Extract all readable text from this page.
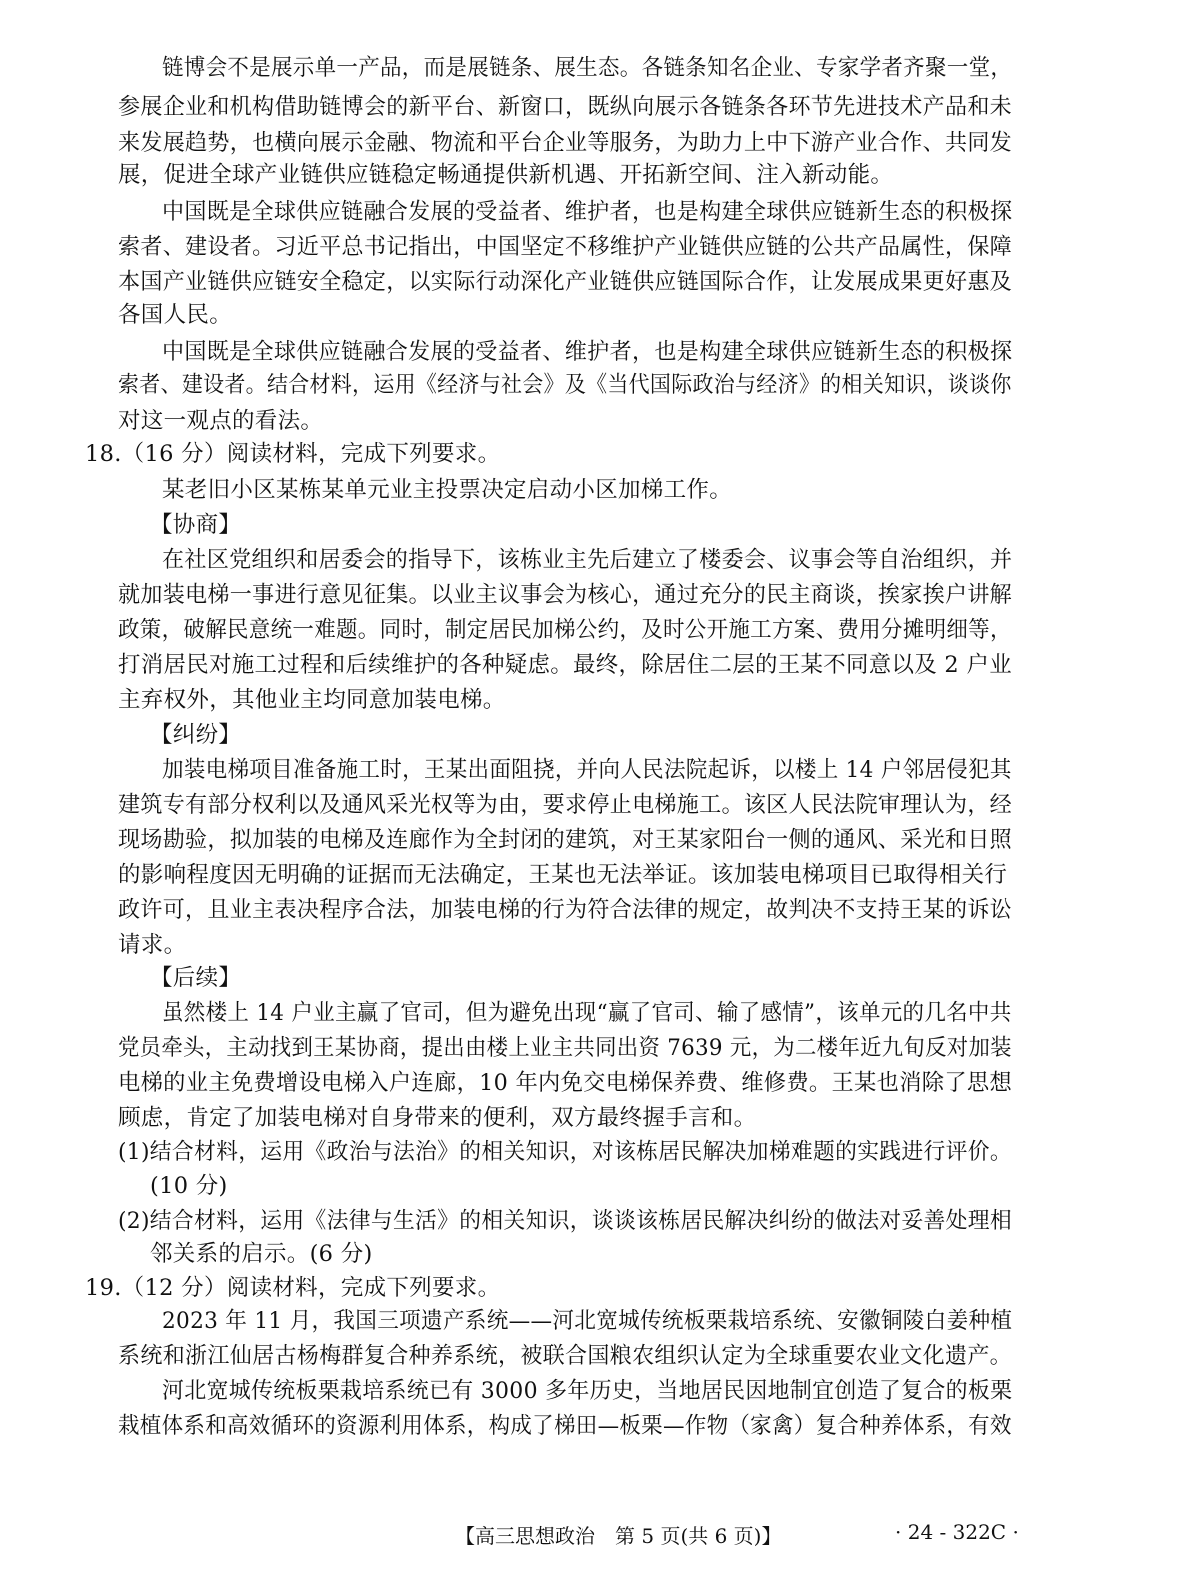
链博会不是展示单一产品，而是展链条、展生态。各链条知名企业、专家学者齐聚一堂，
参展企业和机构借助链博会的新平台、新窗口，既纵向展示各链条各环节先进技术产品和未
来发展趋势，也横向展示金融、物流和平台企业等服务，为助力上中下游产业合作、共同发
展，促进全球产业链供应链稳定畅通提供新机遇、开拓新空间、注入新动能。
中国既是全球供应链融合发展的受益者、维护者，也是构建全球供应链新生态的积极探
索者、建设者。习近平总书记指出，中国坚定不移维护产业链供应链的公共产品属性，保障
本国产业链供应链安全稳定，以实际行动深化产业链供应链国际合作，让发展成果更好惠及
各国人民。
中国既是全球供应链融合发展的受益者、维护者，也是构建全球供应链新生态的积极探
索者、建设者。结合材料，运用《经济与社会》及《当代国际政治与经济》的相关知识，谈谈你
对这一观点的看法。
18.（16 分）阅读材料，完成下列要求。
某老旧小区某栋某单元业主投票决定启动小区加梯工作。
【协商】
在社区党组织和居委会的指导下，该栋业主先后建立了楼委会、议事会等自治组织，并
就加装电梯一事进行意见征集。以业主议事会为核心，通过充分的民主商谈，挨家挨户讲解
政策，破解民意统一难题。同时，制定居民加梯公约，及时公开施工方案、费用分摊明细等，
打消居民对施工过程和后续维护的各种疑虑。最终，除居住二层的王某不同意以及 2 户业
主弃权外，其他业主均同意加装电梯。
【纠纷】
加装电梯项目准备施工时，王某出面阻挠，并向人民法院起诉，以楼上 14 户邻居侵犯其
建筑专有部分权利以及通风采光权等为由，要求停止电梯施工。该区人民法院审理认为，经
现场勘验，拟加装的电梯及连廊作为全封闭的建筑，对王某家阳台一侧的通风、采光和日照
的影响程度因无明确的证据而无法确定，王某也无法举证。该加装电梯项目已取得相关行
政许可，且业主表决程序合法，加装电梯的行为符合法律的规定，故判决不支持王某的诉讼
请求。
【后续】
虽然楼上 14 户业主赢了官司，但为避免出现“赢了官司、输了感情”，该单元的几名中共
党员牵头，主动找到王某协商，提出由楼上业主共同出资 7639 元，为二楼年近九旬反对加装
电梯的业主免费增设电梯入户连廊，10 年内免交电梯保养费、维修费。王某也消除了思想
顾虑，肯定了加装电梯对自身带来的便利，双方最终握手言和。
(1)结合材料，运用《政治与法治》的相关知识，对该栋居民解决加梯难题的实践进行评价。
(10 分)
(2)结合材料，运用《法律与生活》的相关知识，谈谈该栋居民解决纠纷的做法对妥善处理相
邻关系的启示。(6 分)
19.（12 分）阅读材料，完成下列要求。
2023 年 11 月，我国三项遗产系统——河北宽城传统板栗栽培系统、安徽铜陵白姜种植
系统和浙江仙居古杨梅群复合种养系统，被联合国粮农组织认定为全球重要农业文化遗产。
河北宽城传统板栗栽培系统已有 3000 多年历史，当地居民因地制宜创造了复合的板栗
栽植体系和高效循环的资源利用体系，构成了梯田—板栗—作物（家禽）复合种养体系，有效
【高三思想政治　第 5 页(共 6 页)】	· 24 - 322C ·
